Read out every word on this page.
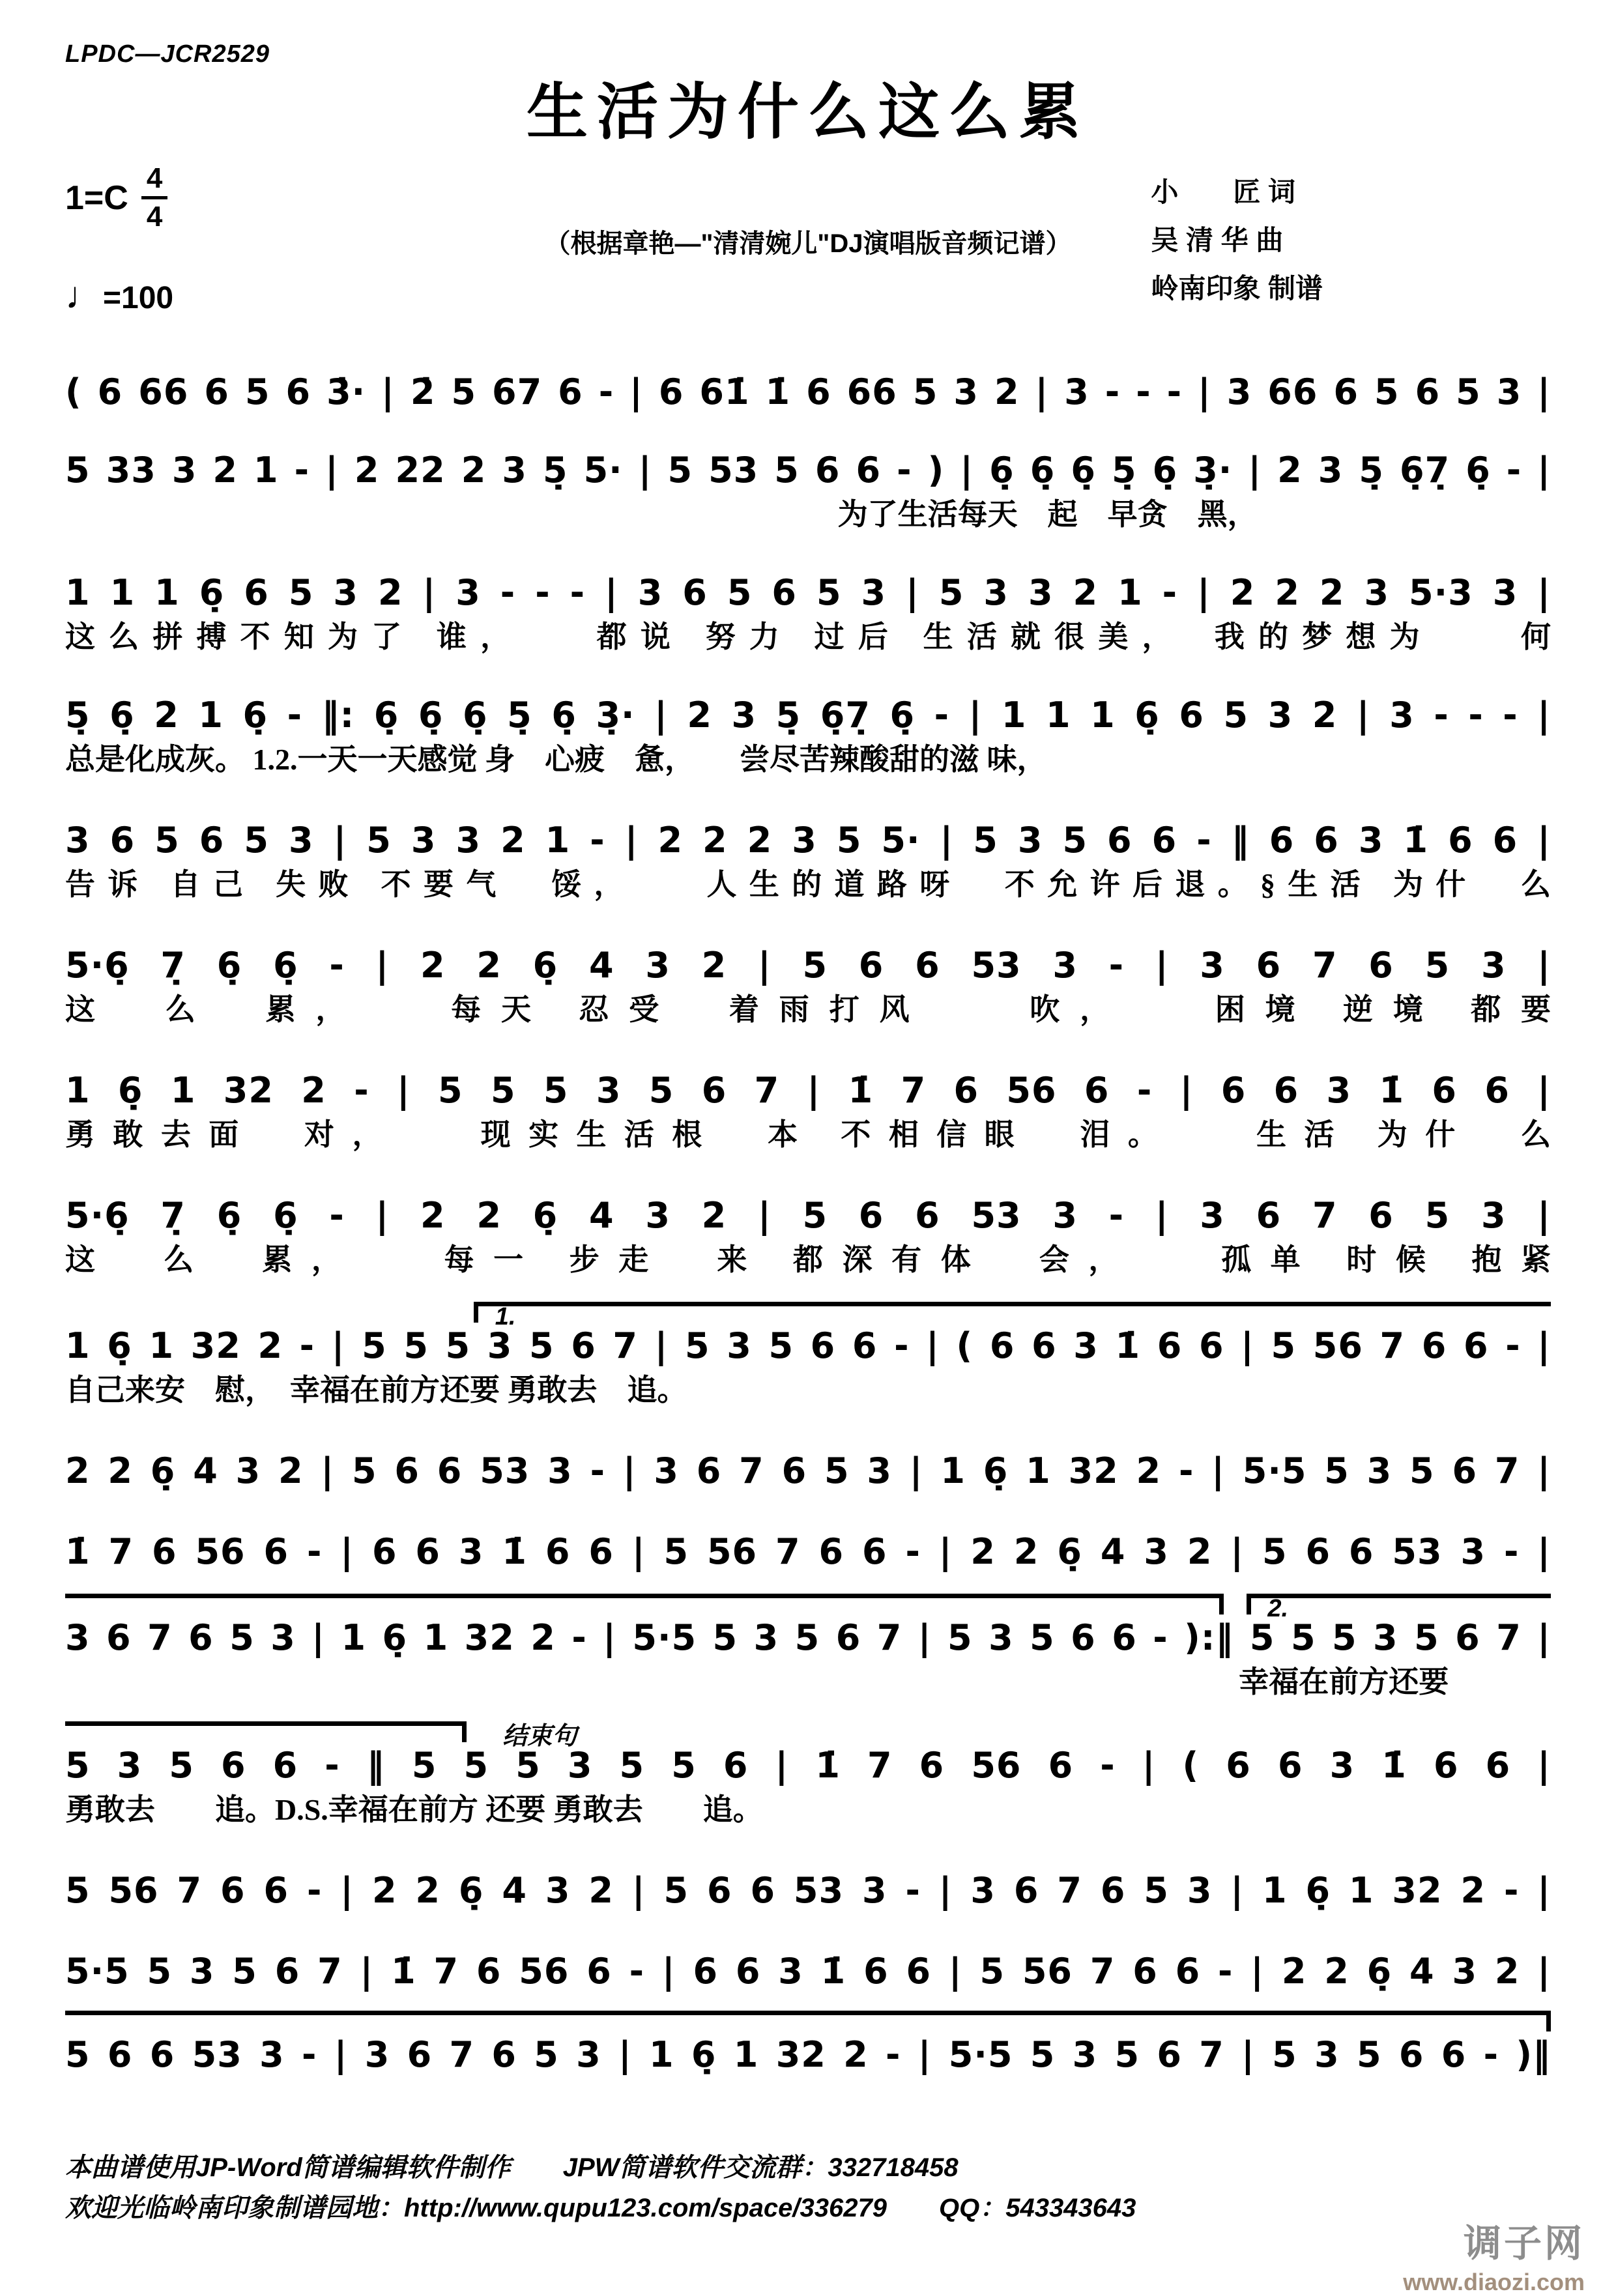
LPDC—JCR2529
生活为什么这么累
$1=C \frac{4}{4}$
♩=100
（根据章艳—"清清婉儿"DJ演唱版音频记谱）
小　　匠 词
吴 清 华 曲
岭南印象 制谱
( 6 66 6 5 6 3̇· | 2̇ 5 67 6 - | 6 61̇ 1̇ 6 66 5 3 2 | 3 - - - | 3 66 6 5 6 5 3 |
5 33 3 2 1 - | 2 22 2 3 5̣ 5· | 5 53 5 6 6 - ) | 6̣ 6̣ 6̣ 5̣ 6̣ 3̣· | 2 3 5̣ 6̣7̣ 6̣ - |
为了生活每天　起　早贪　黑，
1 1 1 6̣ 6 5 3 2 | 3 - - - | 3 6 5 6 5 3 | 5 3 3 2 1 - | 2 2 2 3 5·3 3 |
这么拼搏不知为了 谁，　　都说 努力 过后 生活就很美，　我的梦想为　　何
5̣ 6̣ 2 1 6̣ - ‖: 6̣ 6̣ 6̣ 5̣ 6̣ 3̣· | 2 3 5̣ 6̣7̣ 6̣ - | 1 1 1 6̣ 6 5 3 2 | 3 - - - |
总是化成灰。 1.2.一天一天感觉 身　心疲　惫，　　尝尽苦辣酸甜的滋 味，
3 6 5 6 5 3 | 5 3 3 2 1 - | 2 2 2 3 5 5· | 5 3 5 6 6 - ‖ 6 6 3 1̇ 6 6 |
告诉 自己 失败 不要气　馁，　　人生的道路呀　不允许后退。§生活 为什　么
5·6̣ 7̣ 6̣ 6̣ - | 2 2 6̣ 4 3 2 | 5 6 6 53 3 - | 3 6 7 6 5 3 |
这　么　累，　　每天 忍受　着雨打风　　吹，　　困境 逆境 都要
1 6̣ 1 32 2 - | 5 5 5 3 5 6 7 | 1̇ 7 6 56 6 - | 6 6 3 1̇ 6 6 |
勇敢去面　对，　　现实生活根　本 不相信眼　泪。　　生活 为什　么
5·6̣ 7̣ 6̣ 6̣ - | 2 2 6̣ 4 3 2 | 5 6 6 53 3 - | 3 6 7 6 5 3 |
这　么　累，　　每一 步走　来 都深有体　会，　　孤单 时候 抱紧
1.
1 6̣ 1 32 2 - | 5 5 5 3 5 6 7 | 5 3 5 6 6 - | ( 6 6 3 1̇ 6 6 | 5 56 7 6 6 - |
自己来安　慰，　幸福在前方还要 勇敢去　追。
2 2 6̣ 4 3 2 | 5 6 6 53 3 - | 3 6 7 6 5 3 | 1 6̣ 1 32 2 - | 5·5 5 3 5 6 7 |
1̇ 7 6 56 6 - | 6 6 3 1̇ 6 6 | 5 56 7 6 6 - | 2 2 6̣ 4 3 2 | 5 6 6 53 3 - |
2.
3 6 7 6 5 3 | 1 6̣ 1 32 2 - | 5·5 5 3 5 6 7 | 5 3 5 6 6 - ):‖ 5 5 5 3 5 6 7 |
幸福在前方还要
结束句
5 3 5 6 6 - ‖ 5 5 5 3 5 5 6 | 1̇ 7 6 56 6 - | ( 6 6 3 1̇ 6 6 |
勇敢去　　追。D.S.幸福在前方 还要 勇敢去　　追。
5 56 7 6 6 - | 2 2 6̣ 4 3 2 | 5 6 6 53 3 - | 3 6 7 6 5 3 | 1 6̣ 1 32 2 - |
5·5 5 3 5 6 7 | 1̇ 7 6 56 6 - | 6 6 3 1̇ 6 6 | 5 56 7 6 6 - | 2 2 6̣ 4 3 2 |
5 6 6 53 3 - | 3 6 7 6 5 3 | 1 6̣ 1 32 2 - | 5·5 5 3 5 6 7 | 5 3 5 6 6 - )‖
本曲谱使用JP-Word简谱编辑软件制作　　JPW简谱软件交流群：332718458
欢迎光临岭南印象制谱园地：http://www.qupu123.com/space/336279　　QQ：543343643
调子网
www.diaozi.com
